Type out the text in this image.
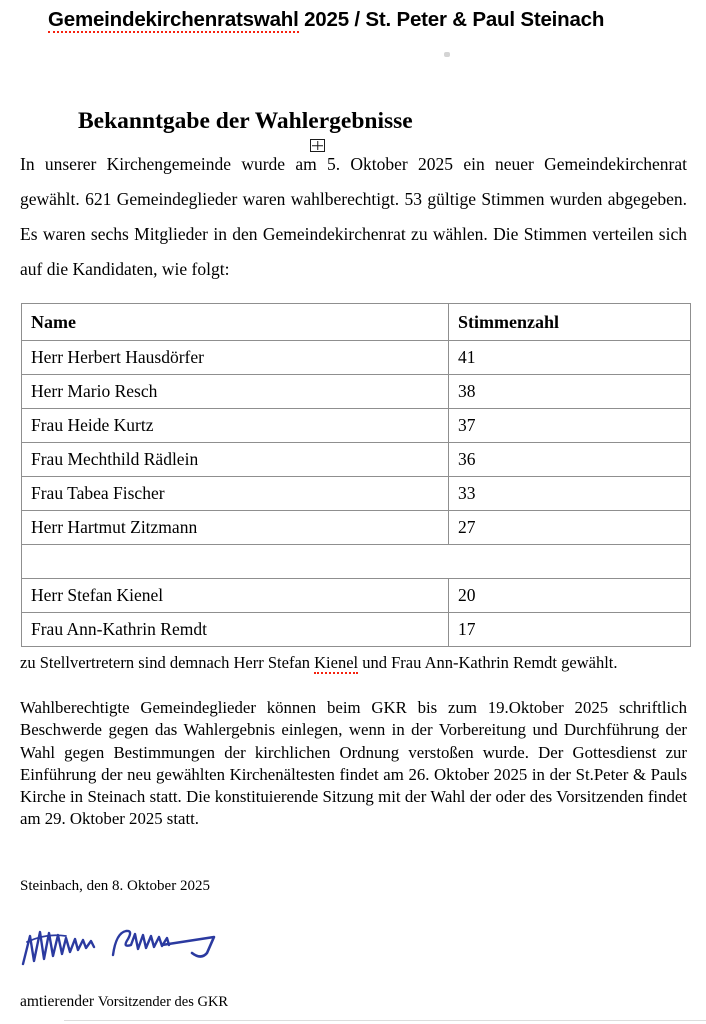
Gemeindekirchenratswahl 2025 / St. Peter & Paul Steinach
Bekanntgabe der Wahlergebnisse

In unserer Kirchengemeinde wurde am 5. Oktober 2025 ein neuer Gemeindekirchenrat gewählt. 621 Gemeindeglieder waren wahlberechtigt. 53 gültige Stimmen wurden abgegeben. Es waren sechs Mitglieder in den Gemeindekirchenrat zu wählen. Die Stimmen verteilen sich auf die Kandidaten, wie folgt:

Name	Stimmenzahl
Herr Herbert Hausdörfer	41
Herr Mario Resch	38
Frau Heide Kurtz	37
Frau Mechthild Rädlein	36
Frau Tabea Fischer	33
Herr Hartmut Zitzmann	27

Herr Stefan Kienel	20
Frau Ann-Kathrin Remdt	17

zu Stellvertretern sind demnach Herr Stefan Kienel und Frau Ann-Kathrin Remdt gewählt.

Wahlberechtigte Gemeindeglieder können beim GKR bis zum 19.Oktober 2025 schriftlich Beschwerde gegen das Wahlergebnis einlegen, wenn in der Vorbereitung und Durchführung der Wahl gegen Bestimmungen der kirchlichen Ordnung verstoßen wurde. Der Gottesdienst zur Einführung der neu gewählten Kirchenältesten findet am 26. Oktober 2025 in der St.Peter & Pauls Kirche in Steinach statt. Die konstituierende Sitzung mit der Wahl der oder des Vorsitzenden findet am 29. Oktober 2025 statt.

Steinbach, den 8. Oktober 2025
amtierender Vorsitzender des GKR
